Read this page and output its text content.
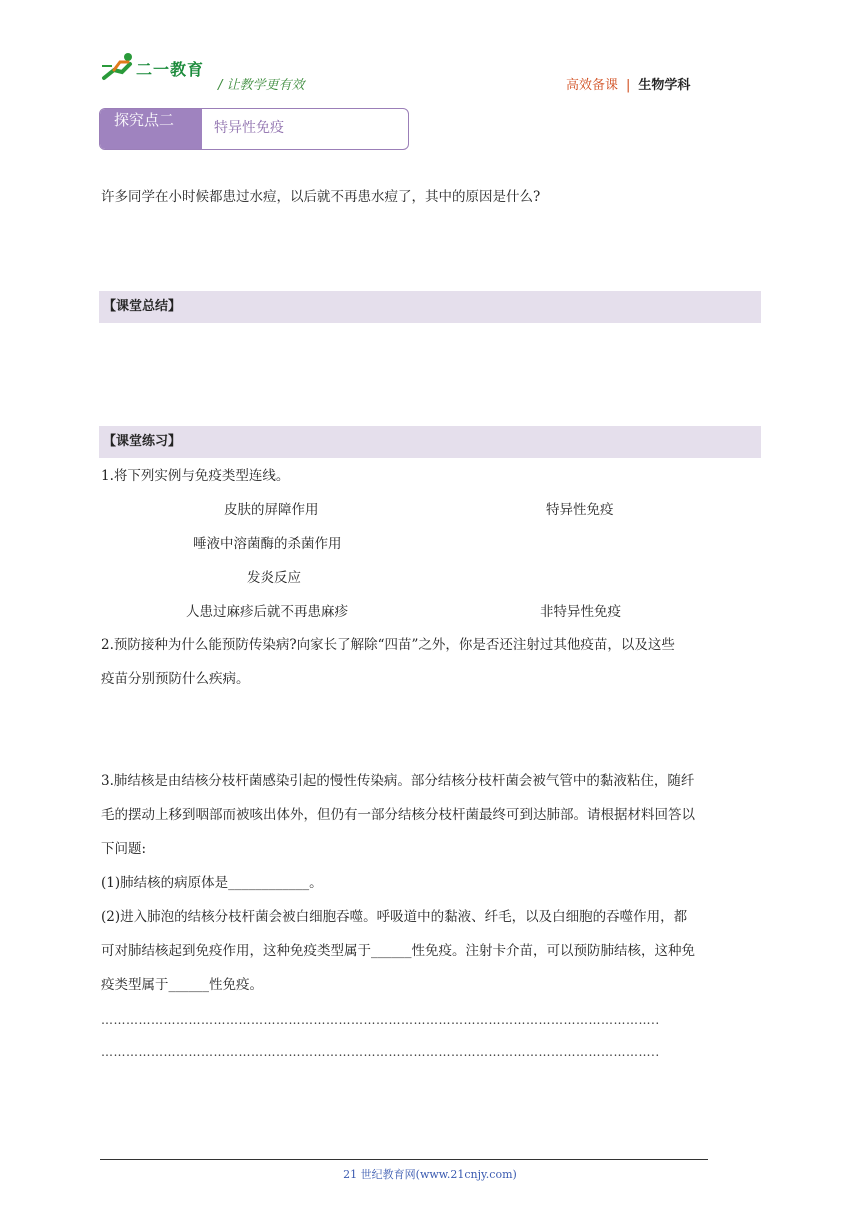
二一教育
/ 让教学更有效	高效备课 | 生物学科
探究点二	特异性免疫
许多同学在小时候都患过水痘，以后就不再患水痘了，其中的原因是什么?
【课堂总结】
【课堂练习】
1.将下列实例与免疫类型连线。
皮肤的屏障作用
唾液中溶菌酶的杀菌作用
发炎反应
人患过麻疹后就不再患麻疹
特异性免疫
非特异性免疫
2.预防接种为什么能预防传染病?向家长了解除“四苗”之外，你是否还注射过其他疫苗，以及这些
疫苗分别预防什么疾病。
3.肺结核是由结核分枝杆菌感染引起的慢性传染病。部分结核分枝杆菌会被气管中的黏液粘住，随纤
毛的摆动上移到咽部而被咳出体外，但仍有一部分结核分枝杆菌最终可到达肺部。请根据材料回答以
下问题:
(1)肺结核的病原体是____________。
(2)进入肺泡的结核分枝杆菌会被白细胞吞噬。呼吸道中的黏液、纤毛，以及白细胞的吞噬作用，都
可对肺结核起到免疫作用，这种免疫类型属于______性免疫。注射卡介苗，可以预防肺结核，这种免
疫类型属于______性免疫。
……………………………………………………………………………………………………………………..
……………………………………………………………………………………………………………………..
21 世纪教育网(www.21cnjy.com)
